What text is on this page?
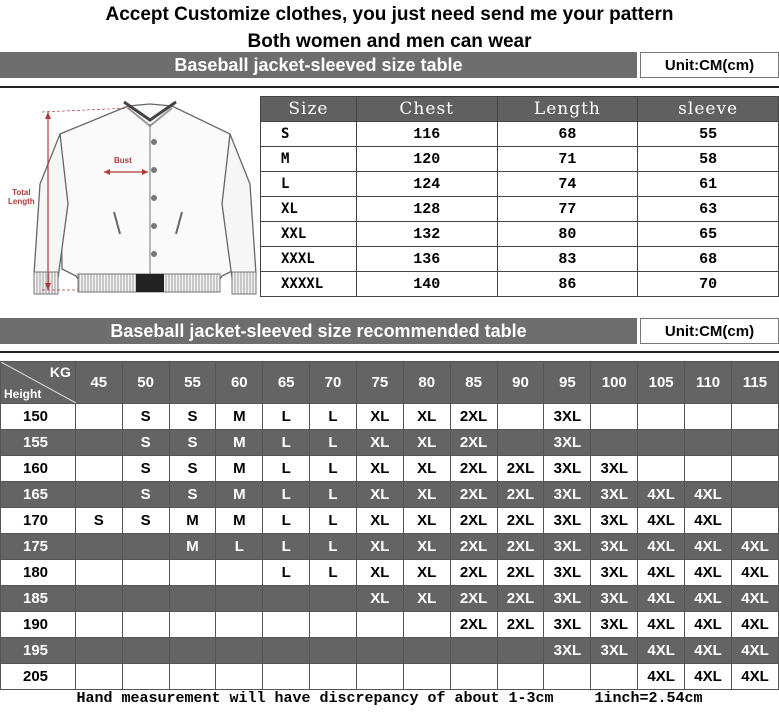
Accept Customize clothes, you just need send me your pattern
Both women and men can wear
Baseball jacket-sleeved size table	Unit:CM(cm)
Bust
Total
Length
Size	Chest	Length	sleeve
S	116	68	55
M	120	71	58
L	124	74	61
XL	128	77	63
XXL	132	80	65
XXXL	136	83	68
XXXXL	140	86	70
Baseball jacket-sleeved size recommended table	Unit:CM(cm)
KG
Height	45	50	55	60	65	70	75	80	85	90	95	100	105	110	115
150		S	S	M	L	L	XL	XL	2XL		3XL				
155		S	S	M	L	L	XL	XL	2XL		3XL				
160		S	S	M	L	L	XL	XL	2XL	2XL	3XL	3XL			
165		S	S	M	L	L	XL	XL	2XL	2XL	3XL	3XL	4XL	4XL	
170	S	S	M	M	L	L	XL	XL	2XL	2XL	3XL	3XL	4XL	4XL	
175			M	L	L	L	XL	XL	2XL	2XL	3XL	3XL	4XL	4XL	4XL
180					L	L	XL	XL	2XL	2XL	3XL	3XL	4XL	4XL	4XL
185							XL	XL	2XL	2XL	3XL	3XL	4XL	4XL	4XL
190									2XL	2XL	3XL	3XL	4XL	4XL	4XL
195											3XL	3XL	4XL	4XL	4XL
205													4XL	4XL	4XL
Hand measurement will have discrepancy of about 1-3cm	1inch=2.54cm
